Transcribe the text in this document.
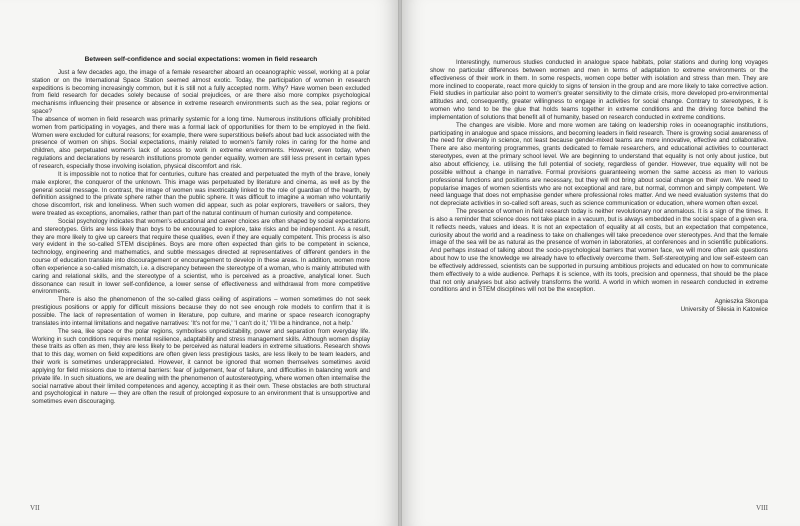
Between self-confidence and social expectations: women in field research

Just a few decades ago, the image of a female researcher aboard an oceanographic vessel, working at a polar station or on the International Space Station seemed almost exotic. Today, the participation of women in research expeditions is becoming increasingly common, but it is still not a fully accepted norm. Why? Have women been excluded from field research for decades solely because of social prejudices, or are there also more complex psychological mechanisms influencing their presence or absence in extreme research environments such as the sea, polar regions or space?

The absence of women in field research was primarily systemic for a long time. Numerous institutions officially prohibited women from participating in voyages, and there was a formal lack of opportunities for them to be employed in the field. Women were excluded for cultural reasons; for example, there were superstitious beliefs about bad luck associated with the presence of women on ships. Social expectations, mainly related to women's family roles in caring for the home and children, also perpetuated women's lack of access to work in extreme environments. However, even today, when regulations and declarations by research institutions promote gender equality, women are still less present in certain types of research, especially those involving isolation, physical discomfort and risk.

It is impossible not to notice that for centuries, culture has created and perpetuated the myth of the brave, lonely male explorer, the conqueror of the unknown. This image was perpetuated by literature and cinema, as well as by the general social message. In contrast, the image of women was inextricably linked to the role of guardian of the hearth, by definition assigned to the private sphere rather than the public sphere. It was difficult to imagine a woman who voluntarily chose discomfort, risk and loneliness. When such women did appear, such as polar explorers, travellers or sailors, they were treated as exceptions, anomalies, rather than part of the natural continuum of human curiosity and competence.

Social psychology indicates that women's educational and career choices are often shaped by social expectations and stereotypes. Girls are less likely than boys to be encouraged to explore, take risks and be independent. As a result, they are more likely to give up careers that require these qualities, even if they are equally competent. This process is also very evident in the so-called STEM disciplines. Boys are more often expected than girls to be competent in science, technology, engineering and mathematics, and subtle messages directed at representatives of different genders in the course of education translate into discouragement or encouragement to develop in these areas. In addition, women more often experience a so-called mismatch, i.e. a discrepancy between the stereotype of a woman, who is mainly attributed with caring and relational skills, and the stereotype of a scientist, who is perceived as a proactive, analytical loner. Such dissonance can result in lower self-confidence, a lower sense of effectiveness and withdrawal from more competitive environments.

There is also the phenomenon of the so-called glass ceiling of aspirations – women sometimes do not seek prestigious positions or apply for difficult missions because they do not see enough role models to confirm that it is possible. The lack of representation of women in literature, pop culture, and marine or space research iconography translates into internal limitations and negative narratives: 'It's not for me,' 'I can't do it,' 'I'll be a hindrance, not a help.'

The sea, like space or the polar regions, symbolises unpredictability, power and separation from everyday life. Working in such conditions requires mental resilience, adaptability and stress management skills. Although women display these traits as often as men, they are less likely to be perceived as natural leaders in extreme situations. Research shows that to this day, women on field expeditions are often given less prestigious tasks, are less likely to be team leaders, and their work is sometimes underappreciated. However, it cannot be ignored that women themselves sometimes avoid applying for field missions due to internal barriers: fear of judgement, fear of failure, and difficulties in balancing work and private life. In such situations, we are dealing with the phenomenon of autostereotyping, where women often internalise the social narrative about their limited competences and agency, accepting it as their own. These obstacles are both structural and psychological in nature — they are often the result of prolonged exposure to an environment that is unsupportive and sometimes even discouraging.

VII

Interestingly, numerous studies conducted in analogue space habitats, polar stations and during long voyages show no particular differences between women and men in terms of adaptation to extreme environments or the effectiveness of their work in them. In some respects, women cope better with isolation and stress than men. They are more inclined to cooperate, react more quickly to signs of tension in the group and are more likely to take corrective action. Field studies in particular also point to women's greater sensitivity to the climate crisis, more developed pro-environmental attitudes and, consequently, greater willingness to engage in activities for social change. Contrary to stereotypes, it is women who tend to be the glue that holds teams together in extreme conditions and the driving force behind the implementation of solutions that benefit all of humanity, based on research conducted in extreme conditions.

The changes are visible. More and more women are taking on leadership roles in oceanographic institutions, participating in analogue and space missions, and becoming leaders in field research. There is growing social awareness of the need for diversity in science, not least because gender-mixed teams are more innovative, effective and collaborative. There are also mentoring programmes, grants dedicated to female researchers, and educational activities to counteract stereotypes, even at the primary school level. We are beginning to understand that equality is not only about justice, but also about efficiency, i.e. utilising the full potential of society, regardless of gender. However, true equality will not be possible without a change in narrative. Formal provisions guaranteeing women the same access as men to various professional functions and positions are necessary, but they will not bring about social change on their own. We need to popularise images of women scientists who are not exceptional and rare, but normal, common and simply competent. We need language that does not emphasise gender where professional roles matter. And we need evaluation systems that do not depreciate activities in so-called soft areas, such as science communication or education, where women often excel.

The presence of women in field research today is neither revolutionary nor anomalous. It is a sign of the times. It is also a reminder that science does not take place in a vacuum, but is always embedded in the social space of a given era. It reflects needs, values and ideas. It is not an expectation of equality at all costs, but an expectation that competence, curiosity about the world and a readiness to take on challenges will take precedence over stereotypes. And that the female image of the sea will be as natural as the presence of women in laboratories, at conferences and in scientific publications. And perhaps instead of talking about the socio-psychological barriers that women face, we will more often ask questions about how to use the knowledge we already have to effectively overcome them. Self-stereotyping and low self-esteem can be effectively addressed, scientists can be supported in pursuing ambitious projects and educated on how to communicate them effectively to a wide audience. Perhaps it is science, with its tools, precision and openness, that should be the place that not only analyses but also actively transforms the world. A world in which women in research conducted in extreme conditions and in STEM disciplines will not be the exception.

Agnieszka Skorupa
University of Silesia in Katowice
VIII
